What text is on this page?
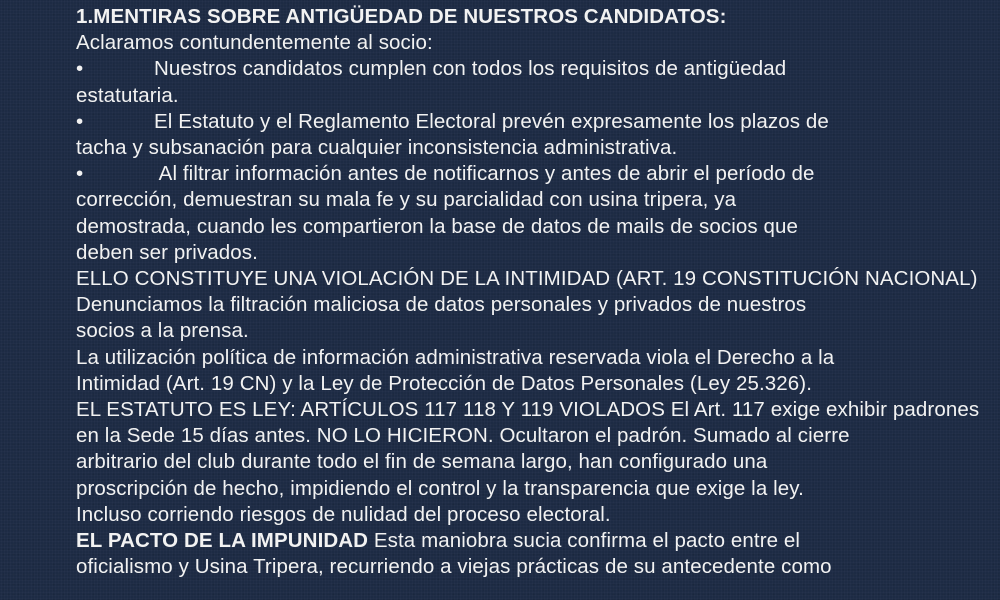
1.MENTIRAS SOBRE ANTIGÜEDAD DE NUESTROS CANDIDATOS:
Aclaramos contundentemente al socio:
•	Nuestros candidatos cumplen con todos los requisitos de antigüedad
estatutaria.
•	El Estatuto y el Reglamento Electoral prevén expresamente los plazos de
tacha y subsanación para cualquier inconsistencia administrativa.
•	Al filtrar información antes de notificarnos y antes de abrir el período de
corrección, demuestran su mala fe y su parcialidad con usina tripera, ya
demostrada, cuando les compartieron la base de datos de mails de socios que
deben ser privados.
ELLO CONSTITUYE UNA VIOLACIÓN DE LA INTIMIDAD (ART. 19 CONSTITUCIÓN NACIONAL)
Denunciamos la filtración maliciosa de datos personales y privados de nuestros
socios a la prensa.
La utilización política de información administrativa reservada viola el Derecho a la
Intimidad (Art. 19 CN) y la Ley de Protección de Datos Personales (Ley 25.326).
EL ESTATUTO ES LEY: ARTÍCULOS 117 118 Y 119 VIOLADOS El Art. 117 exige exhibir padrones
en la Sede 15 días antes. NO LO HICIERON. Ocultaron el padrón. Sumado al cierre
arbitrario del club durante todo el fin de semana largo, han configurado una
proscripción de hecho, impidiendo el control y la transparencia que exige la ley.
Incluso corriendo riesgos de nulidad del proceso electoral.
EL PACTO DE LA IMPUNIDAD Esta maniobra sucia confirma el pacto entre el
oficialismo y Usina Tripera, recurriendo a viejas prácticas de su antecedente como
